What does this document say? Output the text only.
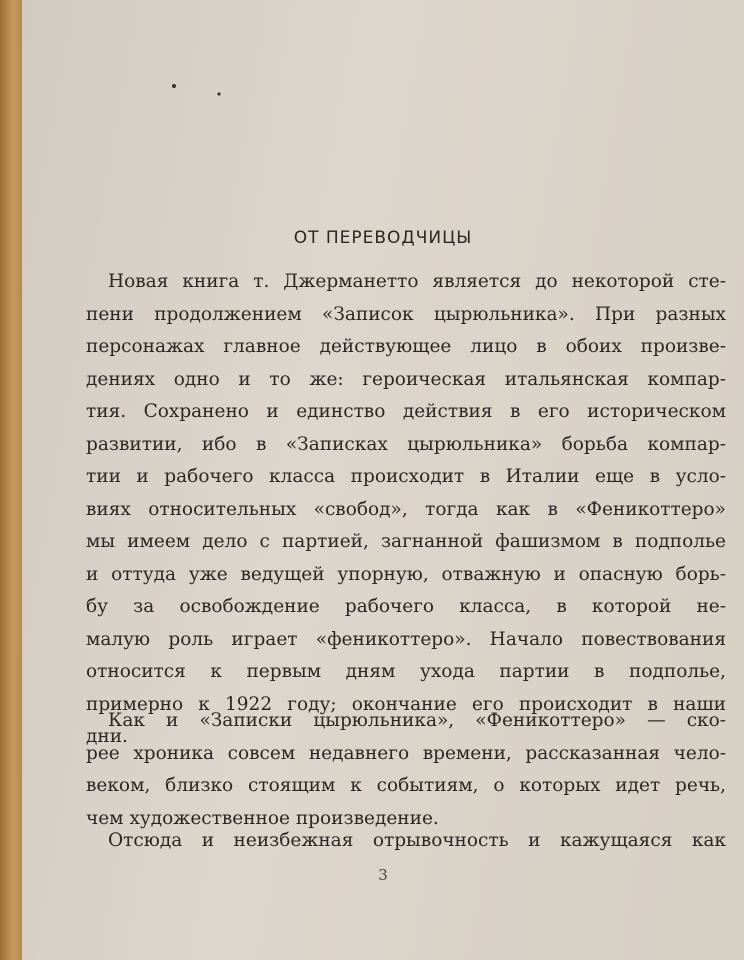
ОТ ПЕРЕВОДЧИЦЫ
Новая книга т. Джерманетто является до некоторой сте-
пени продолжением «Записок цырюльника». При разных
персонажах главное действующее лицо в обоих произве-
дениях одно и то же: героическая итальянская компар-
тия. Сохранено и единство действия в его историческом
развитии, ибо в «Записках цырюльника» борьба компар-
тии и рабочего класса происходит в Италии еще в усло-
виях относительных «свобод», тогда как в «Феникоттеро»
мы имеем дело с партией, загнанной фашизмом в подполье
и оттуда уже ведущей упорную, отважную и опасную борь-
бу за освобождение рабочего класса, в которой не-
малую роль играет «феникоттеро». Начало повествования
относится к первым дням ухода партии в подполье,
примерно к 1922 году; окончание его происходит в наши
дни.
Как и «Записки цырюльника», «Феникоттеро» — ско-
рее хроника совсем недавнего времени, рассказанная чело-
веком, близко стоящим к событиям, о которых идет речь,
чем художественное произведение.
Отсюда и неизбежная отрывочность и кажущаяся как
3
